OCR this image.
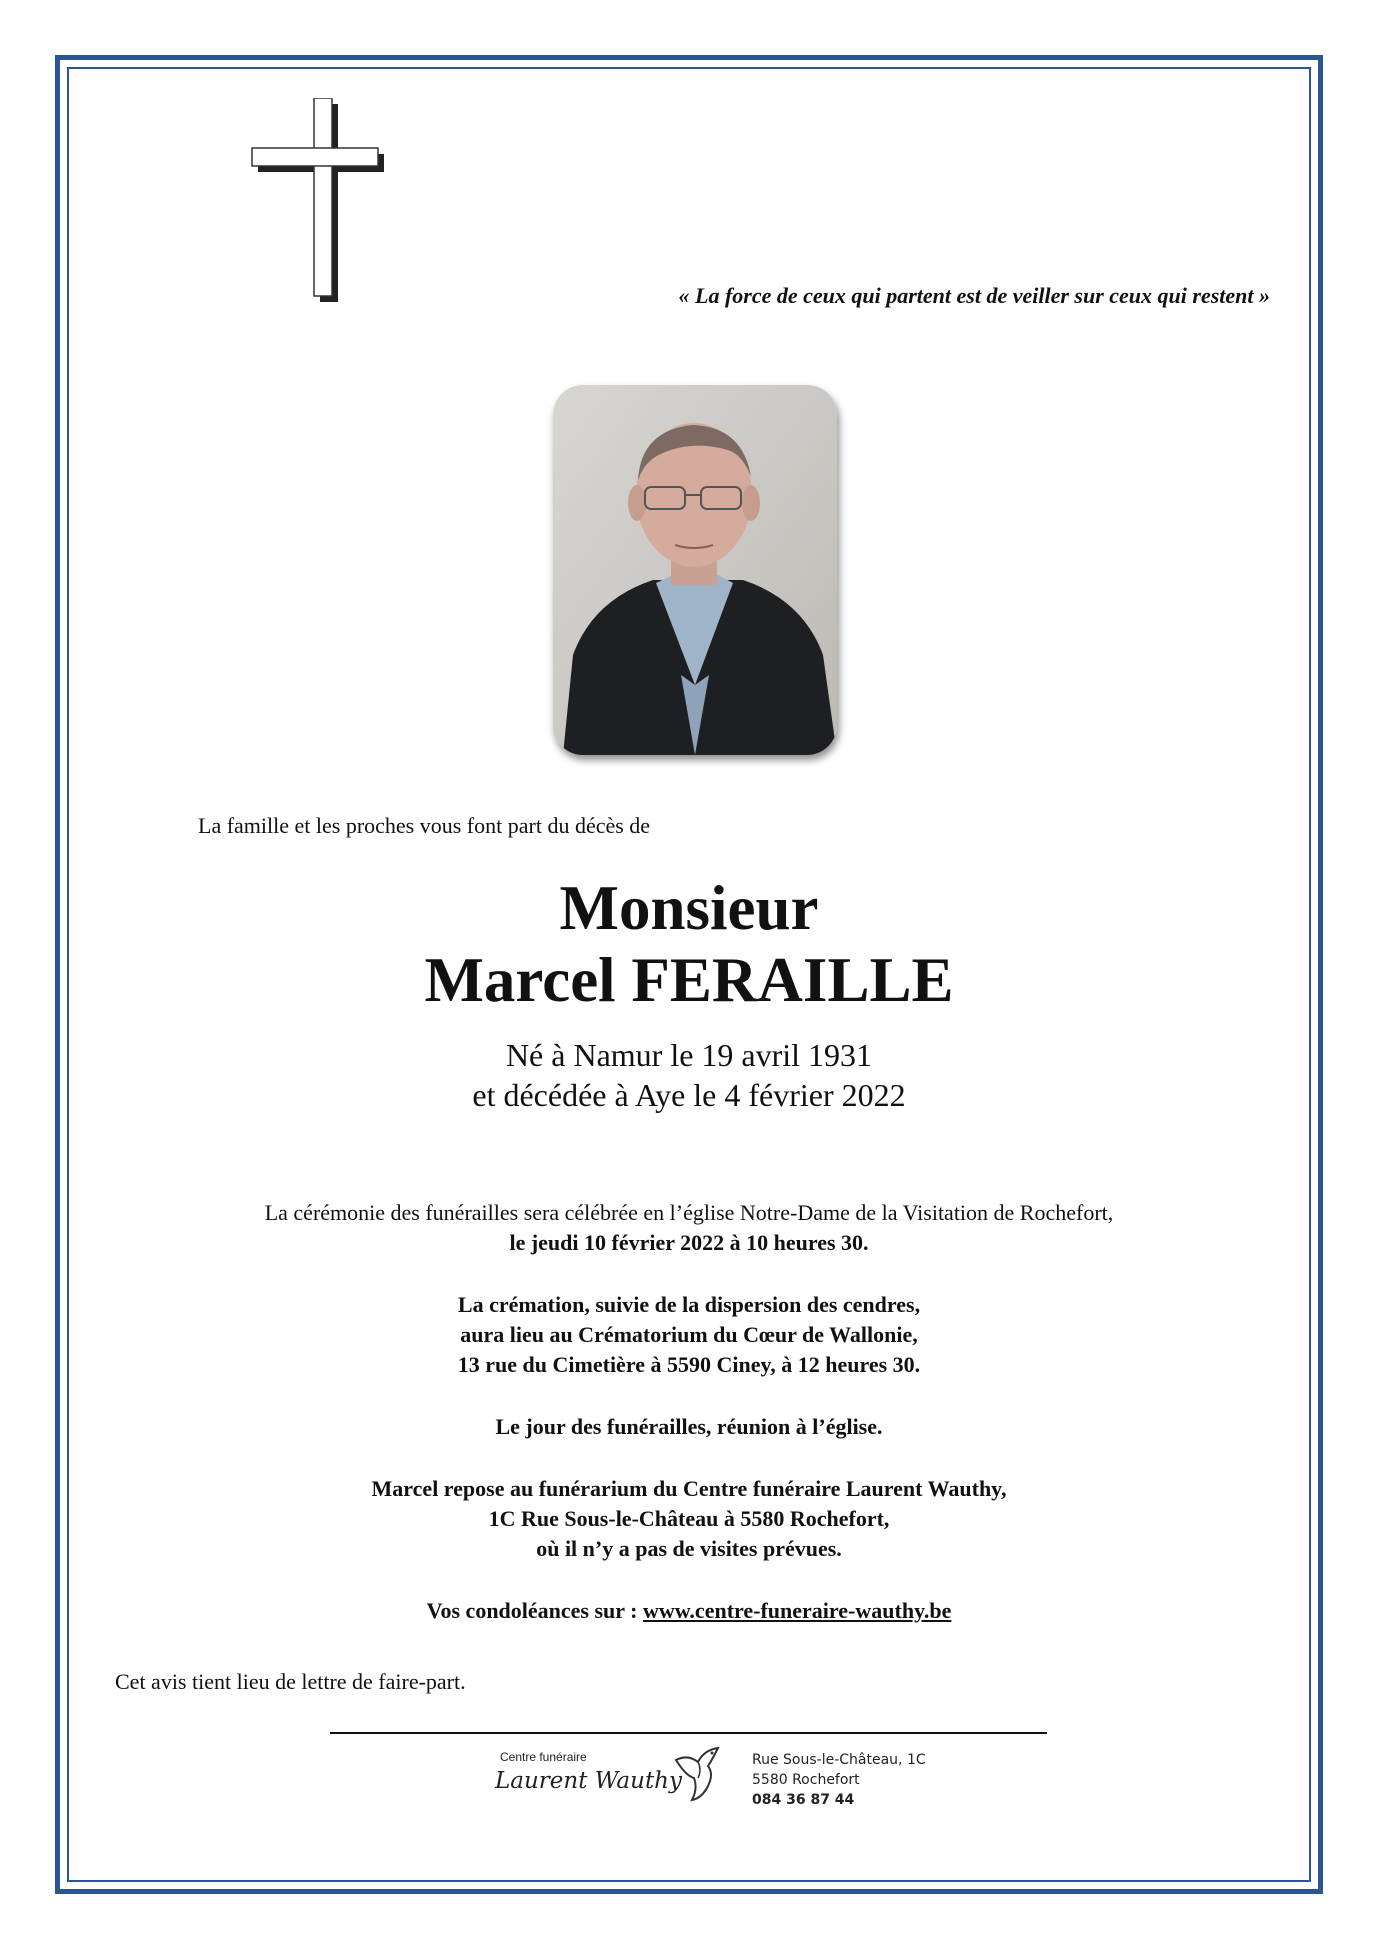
« La force de ceux qui partent est de veiller sur ceux qui restent »
La famille et les proches vous font part du décès de
Monsieur
Marcel FERAILLE
Né à Namur le 19 avril 1931
et décédée à Aye le 4 février 2022
La cérémonie des funérailles sera célébrée en l’église Notre-Dame de la Visitation de Rochefort,
le jeudi 10 février 2022 à 10 heures 30.
La crémation, suivie de la dispersion des cendres,
aura lieu au Crématorium du Cœur de Wallonie,
13 rue du Cimetière à 5590 Ciney, à 12 heures 30.
Le jour des funérailles, réunion à l’église.
Marcel repose au funérarium du Centre funéraire Laurent Wauthy,
1C Rue Sous-le-Château à 5580 Rochefort,
où il n’y a pas de visites prévues.
Vos condoléances sur : www.centre-funeraire-wauthy.be
Cet avis tient lieu de lettre de faire-part.
Centre funéraire
Laurent Wauthy
Rue Sous-le-Château, 1C
5580 Rochefort
084 36 87 44
